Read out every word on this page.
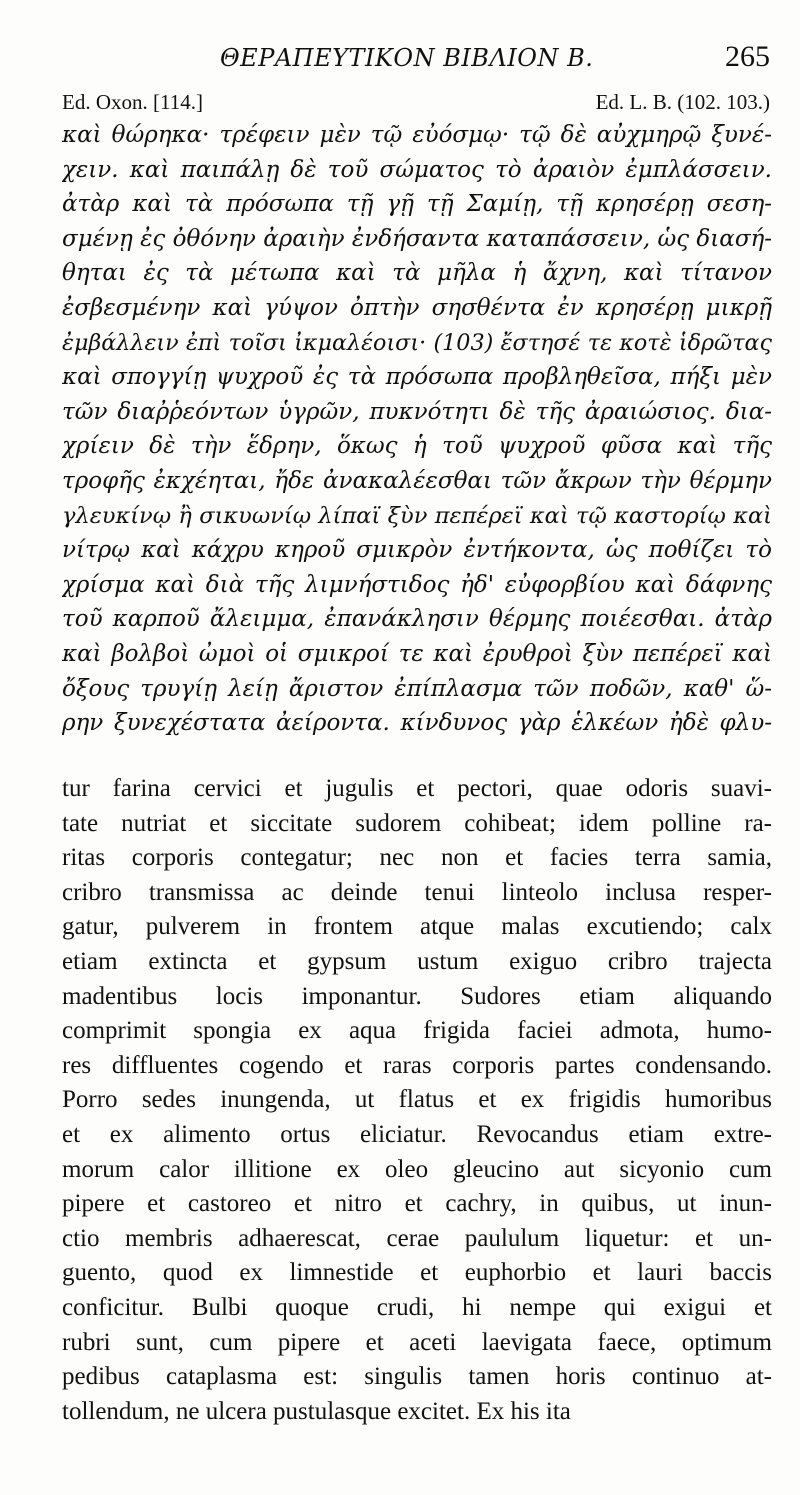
ΘΕΡΑΠΕΥΤΙΚΟΝ ΒΙΒΛΙΟΝ Β.	265
Ed. Oxon. [114.]	Ed. L. B. (102. 103.)
καὶ θώρηκα· τρέφειν μὲν τῷ εὐόσμῳ· τῷ δὲ αὐχμηρῷ ξυνέ-
χειν. καὶ παιπάλῃ δὲ τοῦ σώματος τὸ ἀραιὸν ἐμπλάσσειν.
ἀτὰρ καὶ τὰ πρόσωπα τῇ γῇ τῇ Σαμίῃ, τῇ κρησέρῃ σεση-
σμένῃ ἐς ὀθόνην ἀραιὴν ἐνδήσαντα καταπάσσειν, ὡς διασή-
θηται ἐς τὰ μέτωπα καὶ τὰ μῆλα ἡ ἄχνη, καὶ τίτανον
ἐσβεσμένην καὶ γύψον ὀπτὴν σησθέντα ἐν κρησέρῃ μικρῇ
ἐμβάλλειν ἐπὶ τοῖσι ἰκμαλέοισι· (103) ἔστησέ τε κοτὲ ἱδρῶτας
καὶ σπογγίῃ ψυχροῦ ἐς τὰ πρόσωπα προβληθεῖσα, πήξι μὲν
τῶν διαῤῥεόντων ὑγρῶν, πυκνότητι δὲ τῆς ἀραιώσιος. δια-
χρίειν δὲ τὴν ἕδρην, ὅκως ἡ τοῦ ψυχροῦ φῦσα καὶ τῆς
τροφῆς ἐκχέηται, ἤδε ἀνακαλέεσθαι τῶν ἄκρων τὴν θέρμην
γλευκίνῳ ἢ σικυωνίῳ λίπαϊ ξὺν πεπέρεϊ καὶ τῷ καστορίῳ καὶ
νίτρῳ καὶ κάχρυ κηροῦ σμικρὸν ἐντήκοντα, ὡς ποθίζει τὸ
χρίσμα καὶ διὰ τῆς λιμνήστιδος ἠδ' εὐφορβίου καὶ δάφνης
τοῦ καρποῦ ἄλειμμα, ἐπανάκλησιν θέρμης ποιέεσθαι. ἀτὰρ
καὶ βολβοὶ ὠμοὶ οἱ σμικροί τε καὶ ἐρυθροὶ ξὺν πεπέρεϊ καὶ
ὄξους τρυγίῃ λείῃ ἄριστον ἐπίπλασμα τῶν ποδῶν, καθ' ὥ-
ρην ξυνεχέστατα ἀείροντα. κίνδυνος γὰρ ἑλκέων ἠδὲ φλυ-
tur farina cervici et jugulis et pectori, quae odoris suavi-
tate nutriat et siccitate sudorem cohibeat; idem polline ra-
ritas corporis contegatur; nec non et facies terra samia,
cribro transmissa ac deinde tenui linteolo inclusa resper-
gatur, pulverem in frontem atque malas excutiendo; calx
etiam extincta et gypsum ustum exiguo cribro trajecta
madentibus locis imponantur. Sudores etiam aliquando
comprimit spongia ex aqua frigida faciei admota, humo-
res diffluentes cogendo et raras corporis partes condensando.
Porro sedes inungenda, ut flatus et ex frigidis humoribus
et ex alimento ortus eliciatur. Revocandus etiam extre-
morum calor illitione ex oleo gleucino aut sicyonio cum
pipere et castoreo et nitro et cachry, in quibus, ut inun-
ctio membris adhaerescat, cerae paululum liquetur: et un-
guento, quod ex limnestide et euphorbio et lauri baccis
conficitur. Bulbi quoque crudi, hi nempe qui exigui et
rubri sunt, cum pipere et aceti laevigata faece, optimum
pedibus cataplasma est: singulis tamen horis continuo at-
tollendum, ne ulcera pustulasque excitet. Ex his ita
